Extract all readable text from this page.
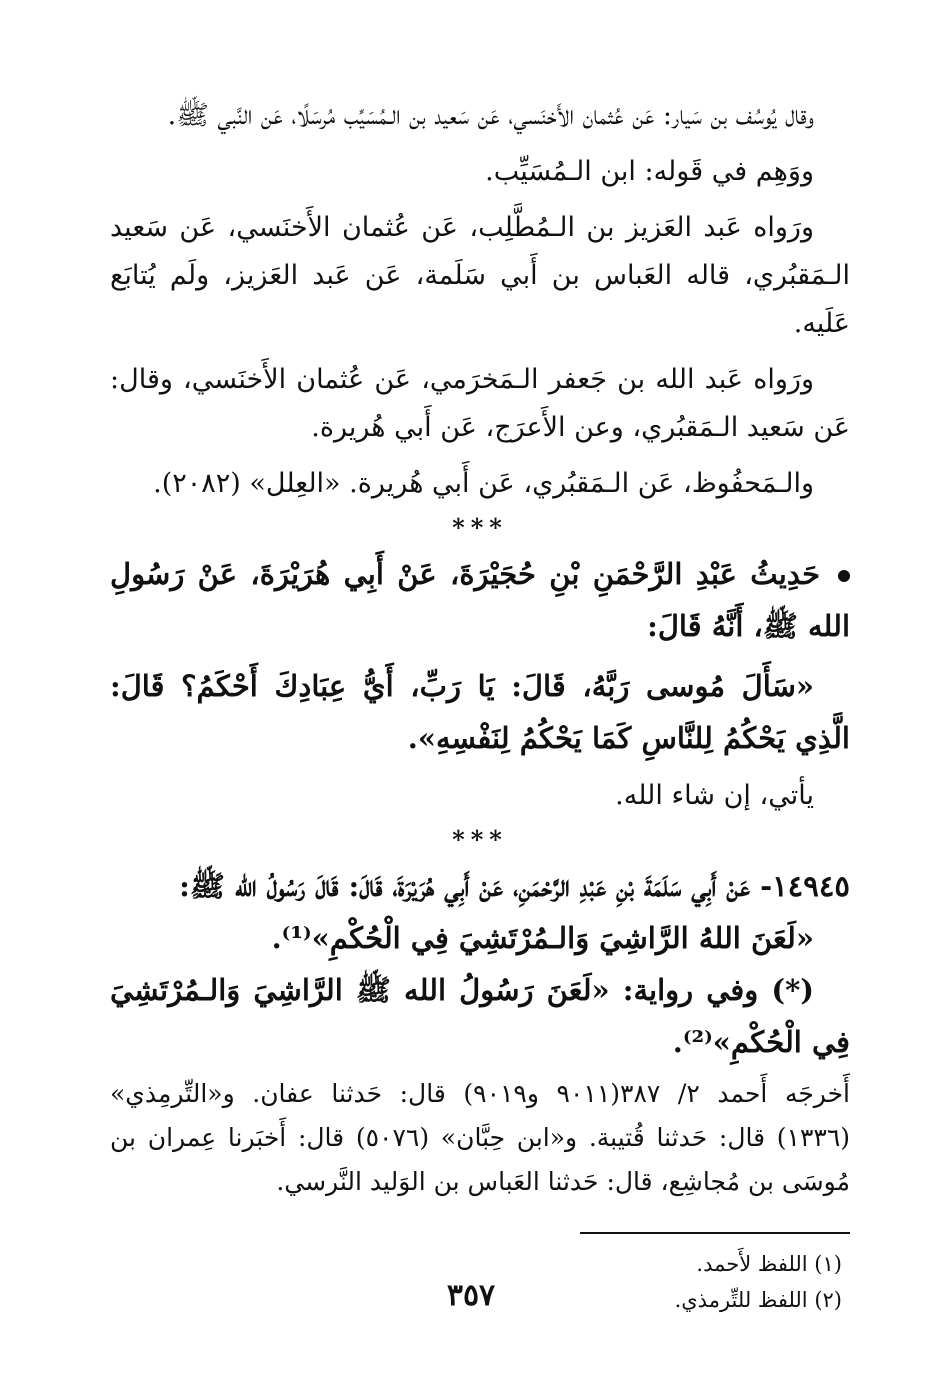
وقال يُوسُف بن سَيار: عَن عُثمان الأَخنَسي، عَن سَعيد بن الـمُسَيِّب مُرسَلًا، عَن النَّبي ﷺ.

ووَهِم في قَوله: ابن الـمُسَيِّب.

ورَواه عَبد العَزيز بن الـمُطَّلِب، عَن عُثمان الأَخنَسي، عَن سَعيد الـمَقبُري، قاله العَباس بن أَبي سَلَمة، عَن عَبد العَزيز، ولَم يُتابَع عَلَيه.

ورَواه عَبد الله بن جَعفر الـمَخرَمي، عَن عُثمان الأَخنَسي، وقال: عَن سَعيد الـمَقبُري، وعن الأَعرَج، عَن أَبي هُريرة.

والـمَحفُوظ، عَن الـمَقبُري، عَن أَبي هُريرة. «العِلل» (٢٠٨٢).

***

حَدِيثُ عَبْدِ الرَّحْمَنِ بْنِ حُجَيْرَةَ، عَنْ أَبِي هُرَيْرَةَ، عَنْ رَسُولِ الله ﷺ، أَنَّهُ قَالَ:

«سَأَلَ مُوسى رَبَّهُ، قَالَ: يَا رَبِّ، أَيُّ عِبَادِكَ أَحْكَمُ؟ قَالَ: الَّذِي يَحْكُمُ لِلنَّاسِ كَمَا يَحْكُمُ لِنَفْسِهِ».

يأتي، إن شاء الله.

***

١٤٩٤٥- عَنْ أَبِي سَلَمَةَ بْنِ عَبْدِ الرَّحْمَنِ، عَنْ أَبِي هُرَيْرَةَ، قَالَ: قَالَ رَسُولُ الله ﷺ:

«لَعَنَ اللهُ الرَّاشِيَ وَالـمُرْتَشِيَ فِي الْحُكْمِ»⁽¹⁾.

(*) وفي رواية: «لَعَنَ رَسُولُ الله ﷺ الرَّاشِيَ وَالـمُرْتَشِيَ فِي الْحُكْمِ»⁽²⁾.

أَخرجَه أَحمد ٢/ ٣٨٧(٩٠١١ و٩٠١٩) قال: حَدثنا عفان. و«التِّرمِذي» (١٣٣٦) قال: حَدثنا قُتيبة. و«ابن حِبَّان» (٥٠٧٦) قال: أَخبَرنا عِمران بن مُوسَى بن مُجاشِع، قال: حَدثنا العَباس بن الوَليد النَّرسي.

(١) اللفظ لأَحمد.

(٢) اللفظ للتِّرمذي.

٣٥٧
